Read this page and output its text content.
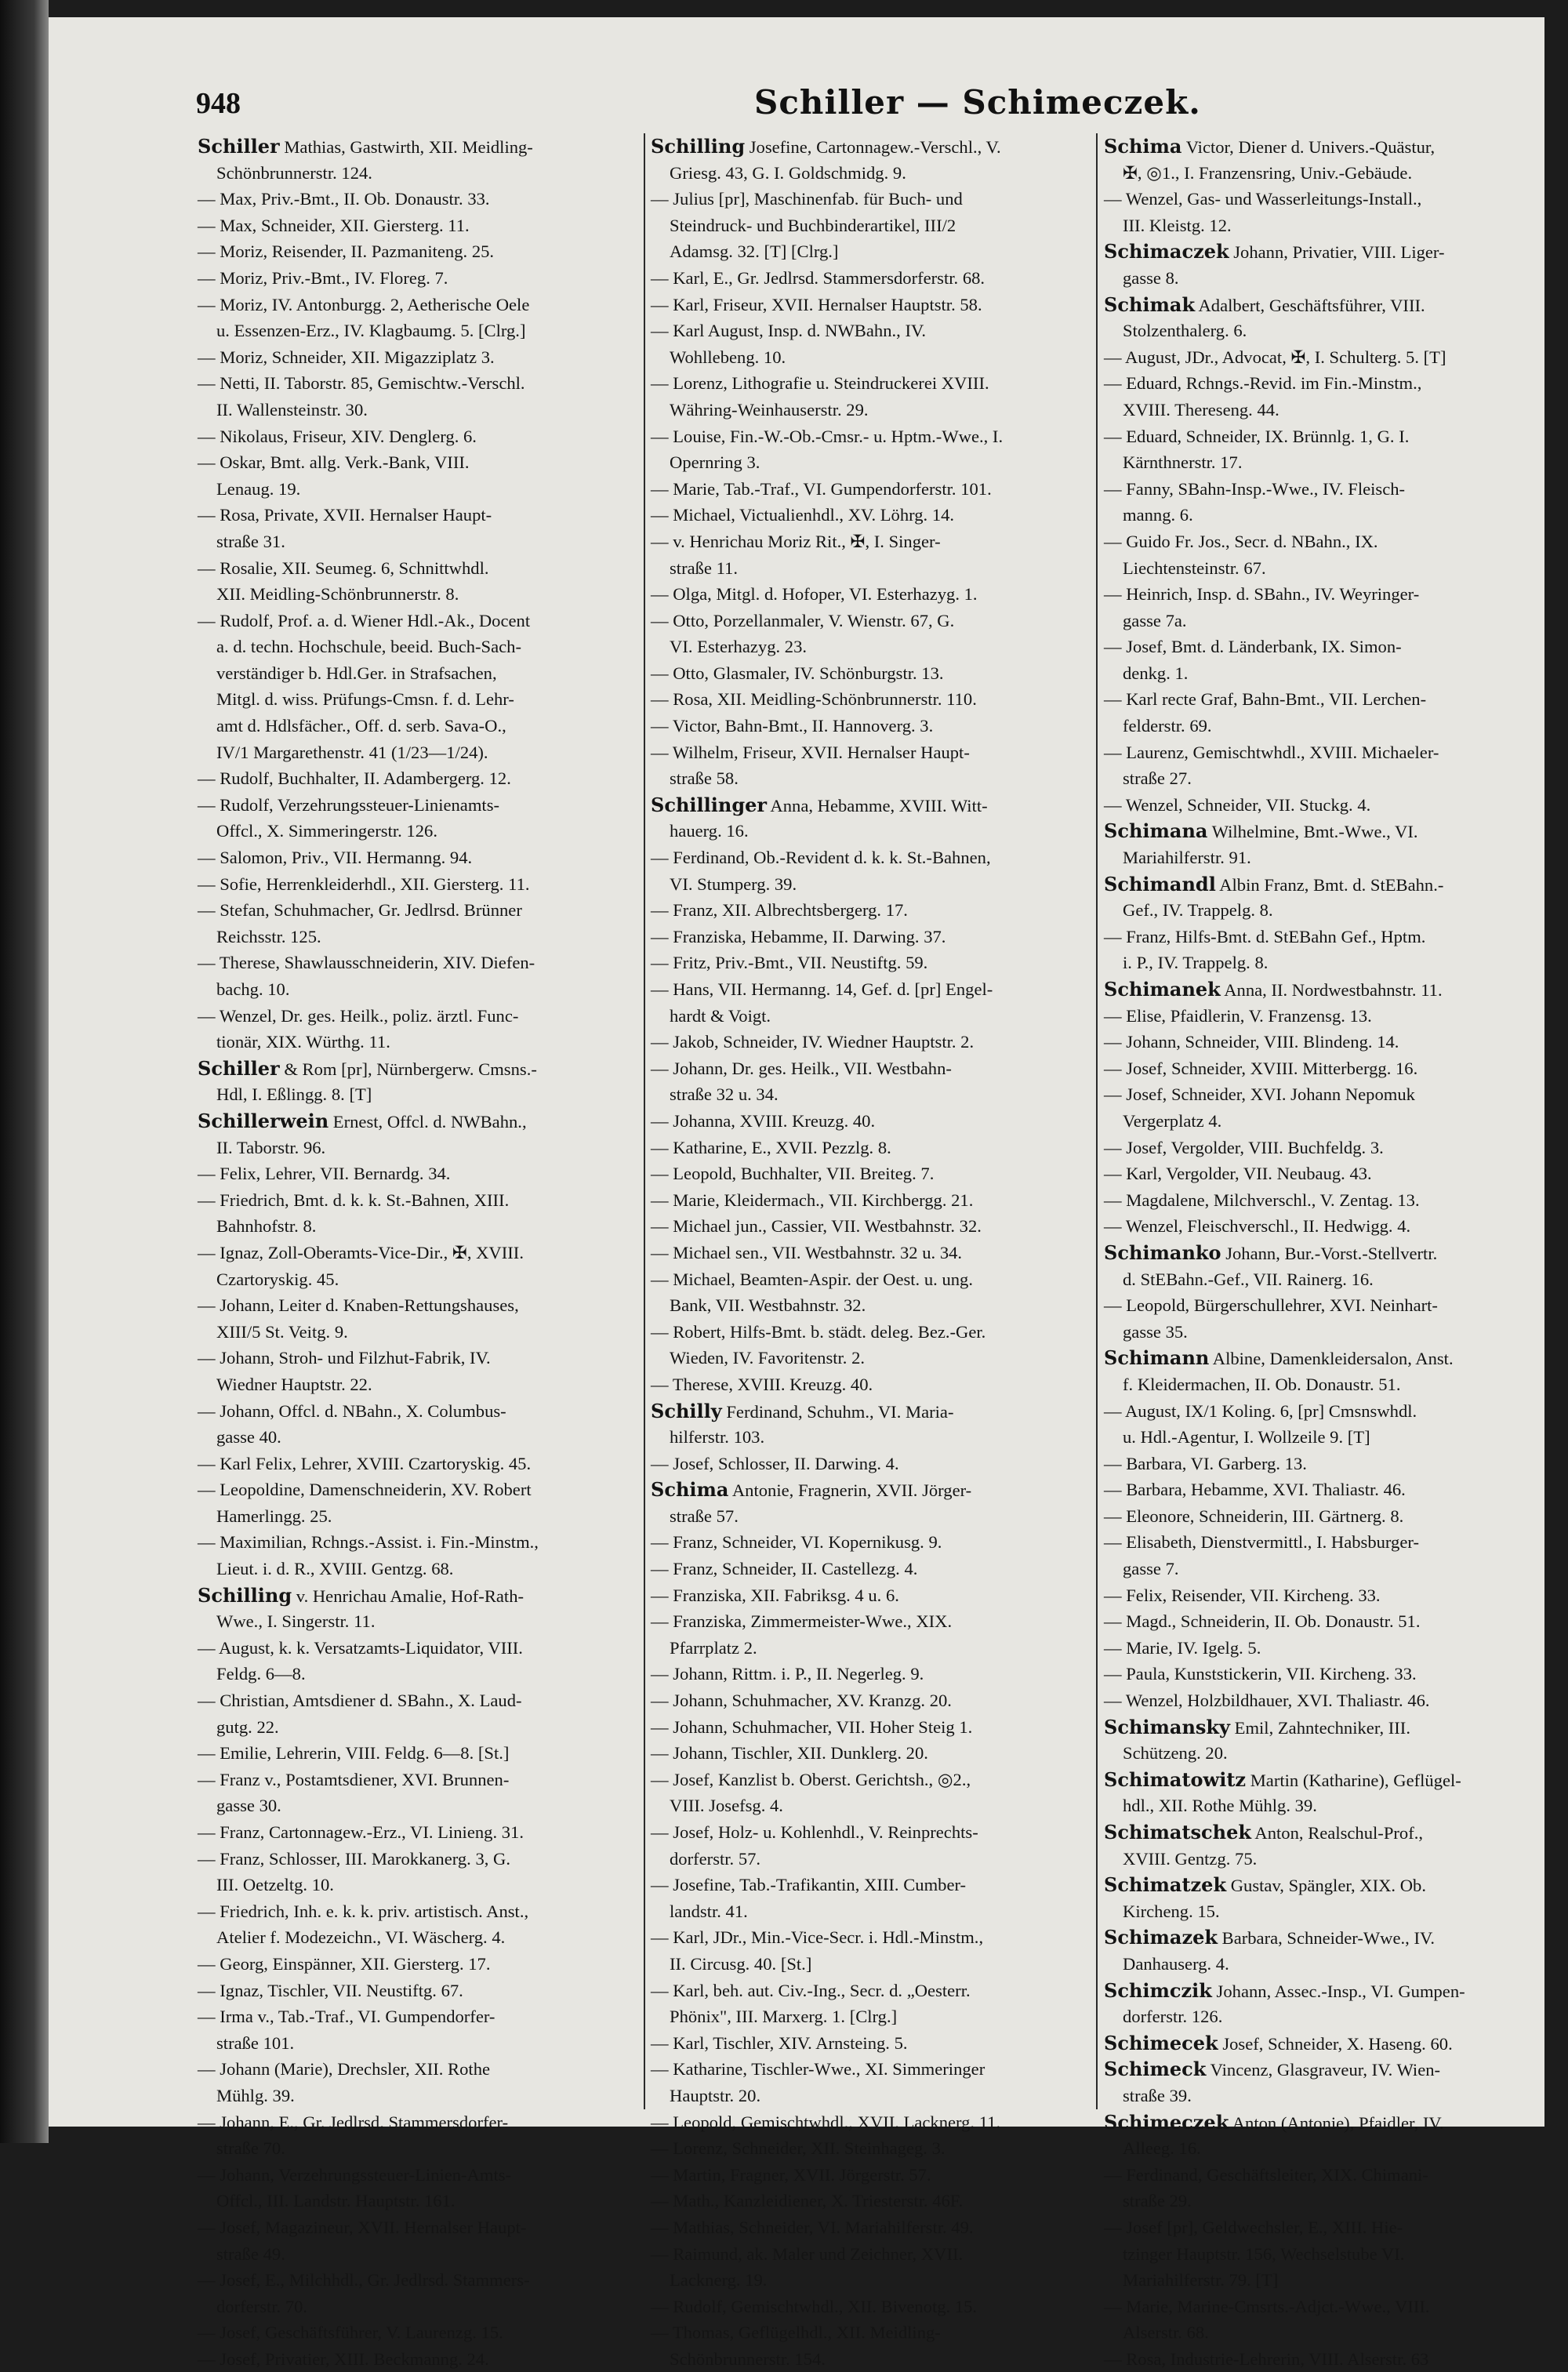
948	Schiller — Schimeczek.
Schiller Mathias, Gastwirth, XII. Meidling-
Schönbrunnerstr. 124.
— Max, Priv.-Bmt., II. Ob. Donaustr. 33.
— Max, Schneider, XII. Giersterg. 11.
— Moriz, Reisender, II. Pazmaniteng. 25.
— Moriz, Priv.-Bmt., IV. Floreg. 7.
— Moriz, IV. Antonburgg. 2, Aetherische Oele
u. Essenzen-Erz., IV. Klagbaumg. 5. [Clrg.]
— Moriz, Schneider, XII. Migazziplatz 3.
— Netti, II. Taborstr. 85, Gemischtw.-Verschl.
II. Wallensteinstr. 30.
— Nikolaus, Friseur, XIV. Denglerg. 6.
— Oskar, Bmt. allg. Verk.-Bank, VIII.
Lenaug. 19.
— Rosa, Private, XVII. Hernalser Haupt-
straße 31.
— Rosalie, XII. Seumeg. 6, Schnittwhdl.
XII. Meidling-Schönbrunnerstr. 8.
— Rudolf, Prof. a. d. Wiener Hdl.-Ak., Docent
a. d. techn. Hochschule, beeid. Buch-Sach-
verständiger b. Hdl.Ger. in Strafsachen,
Mitgl. d. wiss. Prüfungs-Cmsn. f. d. Lehr-
amt d. Hdlsfächer., Off. d. serb. Sava-O.,
IV/1 Margarethenstr. 41 (1/23—1/24).
— Rudolf, Buchhalter, II. Adambergerg. 12.
— Rudolf, Verzehrungssteuer-Linienamts-
Offcl., X. Simmeringerstr. 126.
— Salomon, Priv., VII. Hermanng. 94.
— Sofie, Herrenkleiderhdl., XII. Giersterg. 11.
— Stefan, Schuhmacher, Gr. Jedlrsd. Brünner
Reichsstr. 125.
— Therese, Shawlausschneiderin, XIV. Diefen-
bachg. 10.
— Wenzel, Dr. ges. Heilk., poliz. ärztl. Func-
tionär, XIX. Würthg. 11.
Schiller & Rom [pr], Nürnbergerw. Cmsns.-
Hdl, I. Eßlingg. 8. [T]
Schillerwein Ernest, Offcl. d. NWBahn.,
II. Taborstr. 96.
— Felix, Lehrer, VII. Bernardg. 34.
— Friedrich, Bmt. d. k. k. St.-Bahnen, XIII.
Bahnhofstr. 8.
— Ignaz, Zoll-Oberamts-Vice-Dir., ✠, XVIII.
Czartoryskig. 45.
— Johann, Leiter d. Knaben-Rettungshauses,
XIII/5 St. Veitg. 9.
— Johann, Stroh- und Filzhut-Fabrik, IV.
Wiedner Hauptstr. 22.
— Johann, Offcl. d. NBahn., X. Columbus-
gasse 40.
— Karl Felix, Lehrer, XVIII. Czartoryskig. 45.
— Leopoldine, Damenschneiderin, XV. Robert
Hamerlingg. 25.
— Maximilian, Rchngs.-Assist. i. Fin.-Minstm.,
Lieut. i. d. R., XVIII. Gentzg. 68.
Schilling v. Henrichau Amalie, Hof-Rath-
Wwe., I. Singerstr. 11.
— August, k. k. Versatzamts-Liquidator, VIII.
Feldg. 6—8.
— Christian, Amtsdiener d. SBahn., X. Laud-
gutg. 22.
— Emilie, Lehrerin, VIII. Feldg. 6—8. [St.]
— Franz v., Postamtsdiener, XVI. Brunnen-
gasse 30.
— Franz, Cartonnagew.-Erz., VI. Linieng. 31.
— Franz, Schlosser, III. Marokkanerg. 3, G.
III. Oetzeltg. 10.
— Friedrich, Inh. e. k. k. priv. artistisch. Anst.,
Atelier f. Modezeichn., VI. Wäscherg. 4.
— Georg, Einspänner, XII. Giersterg. 17.
— Ignaz, Tischler, VII. Neustiftg. 67.
— Irma v., Tab.-Traf., VI. Gumpendorfer-
straße 101.
— Johann (Marie), Drechsler, XII. Rothe
Mühlg. 39.
— Johann, E., Gr. Jedlrsd. Stammersdorfer-
straße 70.
— Johann, Verzehrungssteuer-Linien-Amts-
Offcl., III. Landstr. Hauptstr. 161.
— Josef, Magazineur, XVII. Hernalser Haupt-
straße 49.
— Josef, E., Milchhdl., Gr. Jedlrsd. Stammers-
dorferstr. 70.
— Josef, Geschäftsführer, V. Laurenzg. 15.
— Josef, Privatier, XIII. Beckmanng. 24.
Schilling Josefine, Cartonnagew.-Verschl., V.
Griesg. 43, G. I. Goldschmidg. 9.
— Julius [pr], Maschinenfab. für Buch- und
Steindruck- und Buchbinderartikel, III/2
Adamsg. 32. [T] [Clrg.]
— Karl, E., Gr. Jedlrsd. Stammersdorferstr. 68.
— Karl, Friseur, XVII. Hernalser Hauptstr. 58.
— Karl August, Insp. d. NWBahn., IV.
Wohllebeng. 10.
— Lorenz, Lithografie u. Steindruckerei XVIII.
Währing-Weinhauserstr. 29.
— Louise, Fin.-W.-Ob.-Cmsr.- u. Hptm.-Wwe., I.
Opernring 3.
— Marie, Tab.-Traf., VI. Gumpendorferstr. 101.
— Michael, Victualienhdl., XV. Löhrg. 14.
— v. Henrichau Moriz Rit., ✠, I. Singer-
straße 11.
— Olga, Mitgl. d. Hofoper, VI. Esterhazyg. 1.
— Otto, Porzellanmaler, V. Wienstr. 67, G.
VI. Esterhazyg. 23.
— Otto, Glasmaler, IV. Schönburgstr. 13.
— Rosa, XII. Meidling-Schönbrunnerstr. 110.
— Victor, Bahn-Bmt., II. Hannoverg. 3.
— Wilhelm, Friseur, XVII. Hernalser Haupt-
straße 58.
Schillinger Anna, Hebamme, XVIII. Witt-
hauerg. 16.
— Ferdinand, Ob.-Revident d. k. k. St.-Bahnen,
VI. Stumperg. 39.
— Franz, XII. Albrechtsbergerg. 17.
— Franziska, Hebamme, II. Darwing. 37.
— Fritz, Priv.-Bmt., VII. Neustiftg. 59.
— Hans, VII. Hermanng. 14, Gef. d. [pr] Engel-
hardt & Voigt.
— Jakob, Schneider, IV. Wiedner Hauptstr. 2.
— Johann, Dr. ges. Heilk., VII. Westbahn-
straße 32 u. 34.
— Johanna, XVIII. Kreuzg. 40.
— Katharine, E., XVII. Pezzlg. 8.
— Leopold, Buchhalter, VII. Breiteg. 7.
— Marie, Kleidermach., VII. Kirchbergg. 21.
— Michael jun., Cassier, VII. Westbahnstr. 32.
— Michael sen., VII. Westbahnstr. 32 u. 34.
— Michael, Beamten-Aspir. der Oest. u. ung.
Bank, VII. Westbahnstr. 32.
— Robert, Hilfs-Bmt. b. städt. deleg. Bez.-Ger.
Wieden, IV. Favoritenstr. 2.
— Therese, XVIII. Kreuzg. 40.
Schilly Ferdinand, Schuhm., VI. Maria-
hilferstr. 103.
— Josef, Schlosser, II. Darwing. 4.
Schima Antonie, Fragnerin, XVII. Jörger-
straße 57.
— Franz, Schneider, VI. Kopernikusg. 9.
— Franz, Schneider, II. Castellezg. 4.
— Franziska, XII. Fabriksg. 4 u. 6.
— Franziska, Zimmermeister-Wwe., XIX.
Pfarrplatz 2.
— Johann, Rittm. i. P., II. Negerleg. 9.
— Johann, Schuhmacher, XV. Kranzg. 20.
— Johann, Schuhmacher, VII. Hoher Steig 1.
— Johann, Tischler, XII. Dunklerg. 20.
— Josef, Kanzlist b. Oberst. Gerichtsh., ◎2.,
VIII. Josefsg. 4.
— Josef, Holz- u. Kohlenhdl., V. Reinprechts-
dorferstr. 57.
— Josefine, Tab.-Trafikantin, XIII. Cumber-
landstr. 41.
— Karl, JDr., Min.-Vice-Secr. i. Hdl.-Minstm.,
II. Circusg. 40. [St.]
— Karl, beh. aut. Civ.-Ing., Secr. d. „Oesterr.
Phönix", III. Marxerg. 1. [Clrg.]
— Karl, Tischler, XIV. Arnsteing. 5.
— Katharine, Tischler-Wwe., XI. Simmeringer
Hauptstr. 20.
— Leopold, Gemischtwhdl., XVII. Lacknerg. 11.
— Lorenz, Schneider, XII. Steinhageg. 3.
— Martin, Fragner, XVII. Jörgerstr. 57.
— Math., Kanzleidiener, X. Triesterstr. 46F.
— Mathias, Schneider, VI. Mariahilferstr. 49.
— Raimund, ak. Maler und Zeichner, XVII.
Lacknerg. 19.
— Rudolf, Gemischtwhdl., XII. Bivenotg. 15.
— Thomas, Geflügelhdl., XII. Meidling-
Schönbrunnerstr. 154.
Schima Victor, Diener d. Univers.-Quästur,
✠, ◎1., I. Franzensring, Univ.-Gebäude.
— Wenzel, Gas- und Wasserleitungs-Install.,
III. Kleistg. 12.
Schimaczek Johann, Privatier, VIII. Liger-
gasse 8.
Schimak Adalbert, Geschäftsführer, VIII.
Stolzenthalerg. 6.
— August, JDr., Advocat, ✠, I. Schulterg. 5. [T]
— Eduard, Rchngs.-Revid. im Fin.-Minstm.,
XVIII. Thereseng. 44.
— Eduard, Schneider, IX. Brünnlg. 1, G. I.
Kärnthnerstr. 17.
— Fanny, SBahn-Insp.-Wwe., IV. Fleisch-
manng. 6.
— Guido Fr. Jos., Secr. d. NBahn., IX.
Liechtensteinstr. 67.
— Heinrich, Insp. d. SBahn., IV. Weyringer-
gasse 7a.
— Josef, Bmt. d. Länderbank, IX. Simon-
denkg. 1.
— Karl recte Graf, Bahn-Bmt., VII. Lerchen-
felderstr. 69.
— Laurenz, Gemischtwhdl., XVIII. Michaeler-
straße 27.
— Wenzel, Schneider, VII. Stuckg. 4.
Schimana Wilhelmine, Bmt.-Wwe., VI.
Mariahilferstr. 91.
Schimandl Albin Franz, Bmt. d. StEBahn.-
Gef., IV. Trappelg. 8.
— Franz, Hilfs-Bmt. d. StEBahn Gef., Hptm.
i. P., IV. Trappelg. 8.
Schimanek Anna, II. Nordwestbahnstr. 11.
— Elise, Pfaidlerin, V. Franzensg. 13.
— Johann, Schneider, VIII. Blindeng. 14.
— Josef, Schneider, XVIII. Mitterbergg. 16.
— Josef, Schneider, XVI. Johann Nepomuk
Vergerplatz 4.
— Josef, Vergolder, VIII. Buchfeldg. 3.
— Karl, Vergolder, VII. Neubaug. 43.
— Magdalene, Milchverschl., V. Zentag. 13.
— Wenzel, Fleischverschl., II. Hedwigg. 4.
Schimanko Johann, Bur.-Vorst.-Stellvertr.
d. StEBahn.-Gef., VII. Rainerg. 16.
— Leopold, Bürgerschullehrer, XVI. Neinhart-
gasse 35.
Schimann Albine, Damenkleidersalon, Anst.
f. Kleidermachen, II. Ob. Donaustr. 51.
— August, IX/1 Koling. 6, [pr] Cmsnswhdl.
u. Hdl.-Agentur, I. Wollzeile 9. [T]
— Barbara, VI. Garberg. 13.
— Barbara, Hebamme, XVI. Thaliastr. 46.
— Eleonore, Schneiderin, III. Gärtnerg. 8.
— Elisabeth, Dienstvermittl., I. Habsburger-
gasse 7.
— Felix, Reisender, VII. Kircheng. 33.
— Magd., Schneiderin, II. Ob. Donaustr. 51.
— Marie, IV. Igelg. 5.
— Paula, Kunststickerin, VII. Kircheng. 33.
— Wenzel, Holzbildhauer, XVI. Thaliastr. 46.
Schimansky Emil, Zahntechniker, III.
Schützeng. 20.
Schimatowitz Martin (Katharine), Geflügel-
hdl., XII. Rothe Mühlg. 39.
Schimatschek Anton, Realschul-Prof.,
XVIII. Gentzg. 75.
Schimatzek Gustav, Spängler, XIX. Ob.
Kircheng. 15.
Schimazek Barbara, Schneider-Wwe., IV.
Danhauserg. 4.
Schimczik Johann, Assec.-Insp., VI. Gumpen-
dorferstr. 126.
Schimecek Josef, Schneider, X. Haseng. 60.
Schimeck Vincenz, Glasgraveur, IV. Wien-
straße 39.
Schimeczek Anton (Antonie), Pfaidler, IV.
Alleeg. 16.
— Ferdinand, Geschäftsleiter, XIX. Chimani-
straße 29.
— Josef [pr], Geldwechsler, E., XIII. Hie-
tzinger Hauptstr. 156, Wechselstube VI.
Mariahilferstr. 79. [T]
— Marie, Marine-Cmsrts.-Adjct.-Wwe., VIII.
Alserstr. 68.
— Rosa, Industrie-Lehrerin, VIII. Alserstr. 63
